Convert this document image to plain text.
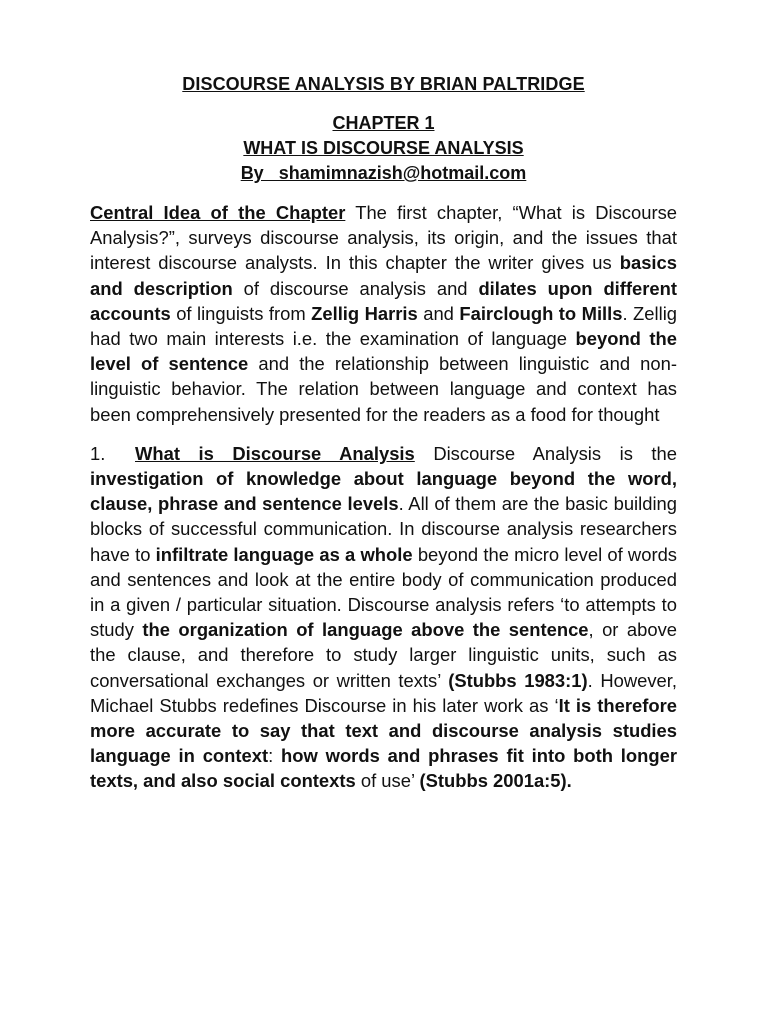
DISCOURSE ANALYSIS BY BRIAN PALTRIDGE
CHAPTER 1
WHAT IS DISCOURSE ANALYSIS
By   shamimnazish@hotmail.com

Central Idea of the Chapter The first chapter, “What is Discourse Analysis?”, surveys discourse analysis, its origin, and the issues that interest discourse analysts. In this chapter the writer gives us basics and description of discourse analysis and dilates upon different accounts of linguists from Zellig Harris and Fairclough to Mills. Zellig had two main interests i.e. the examination of language beyond the level of sentence and the relationship between linguistic and non-linguistic behavior. The relation between language and context has been comprehensively presented for the readers as a food for thought

1. What is Discourse Analysis Discourse Analysis is the investigation of knowledge about language beyond the word, clause, phrase and sentence levels. All of them are the basic building blocks of successful communication. In discourse analysis researchers have to infiltrate language as a whole beyond the micro level of words and sentences and look at the entire body of communication produced in a given / particular situation. Discourse analysis refers ‘to attempts to study the organization of language above the sentence, or above the clause, and therefore to study larger linguistic units, such as conversational exchanges or written texts’ (Stubbs 1983:1). However, Michael Stubbs redefines Discourse in his later work as ‘It is therefore more accurate to say that text and discourse analysis studies language in context: how words and phrases fit into both longer texts, and also social contexts of use’ (Stubbs 2001a:5).
